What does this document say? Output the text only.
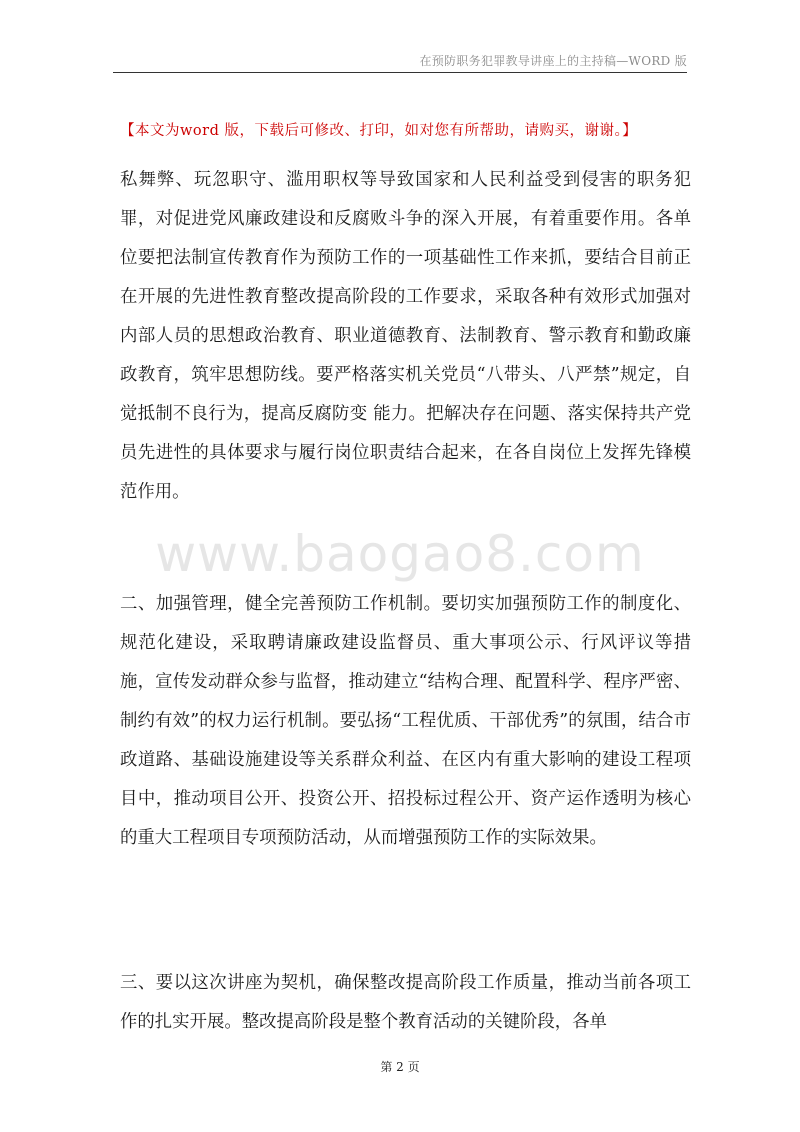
在预防职务犯罪教导讲座上的主持稿—WORD 版
【本文为word 版，下载后可修改、打印，如对您有所帮助，请购买，谢谢。】
www.baogao8.com
私舞弊、玩忽职守、滥用职权等导致国家和人民利益受到侵害的职务犯罪，对促进党风廉政建设和反腐败斗争的深入开展，有着重要作用。各单位要把法制宣传教育作为预防工作的一项基础性工作来抓，要结合目前正在开展的先进性教育整改提高阶段的工作要求，采取各种有效形式加强对内部人员的思想政治教育、职业道德教育、法制教育、警示教育和勤政廉政教育，筑牢思想防线。要严格落实机关党员“八带头、八严禁”规定，自觉抵制不良行为，提高反腐防变 能力。把解决存在问题、落实保持共产党员先进性的具体要求与履行岗位职责结合起来，在各自岗位上发挥先锋模范作用。
二、加强管理，健全完善预防工作机制。要切实加强预防工作的制度化、规范化建设，采取聘请廉政建设监督员、重大事项公示、行风评议等措施，宣传发动群众参与监督，推动建立“结构合理、配置科学、程序严密、制约有效”的权力运行机制。要弘扬“工程优质、干部优秀”的氛围，结合市政道路、基础设施建设等关系群众利益、在区内有重大影响的建设工程项目中，推动项目公开、投资公开、招投标过程公开、资产运作透明为核心的重大工程项目专项预防活动，从而增强预防工作的实际效果。
三、要以这次讲座为契机，确保整改提高阶段工作质量，推动当前各项工作的扎实开展。整改提高阶段是整个教育活动的关键阶段，各单
第 2 页
